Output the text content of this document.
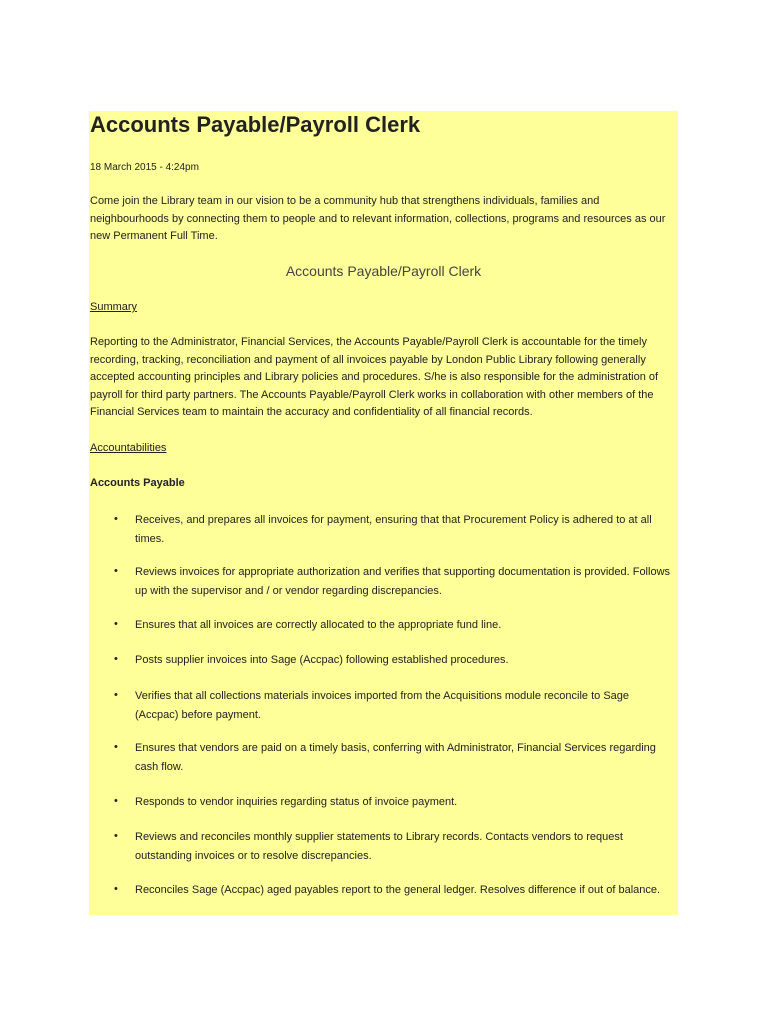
Accounts Payable/Payroll Clerk
18 March 2015 - 4:24pm

Come join the Library team in our vision to be a community hub that strengthens individuals, families and neighbourhoods by connecting them to people and to relevant information, collections, programs and resources as our new Permanent Full Time.

Accounts Payable/Payroll Clerk
Summary

Reporting to the Administrator, Financial Services, the Accounts Payable/Payroll Clerk is accountable for the timely recording, tracking, reconciliation and payment of all invoices payable by London Public Library following generally accepted accounting principles and Library policies and procedures. S/he is also responsible for the administration of payroll for third party partners. The Accounts Payable/Payroll Clerk works in collaboration with other members of the Financial Services team to maintain the accuracy and confidentiality of all financial records.

Accountabilities
Accounts Payable
• Receives, and prepares all invoices for payment, ensuring that that Procurement Policy is adhered to at all times.
• Reviews invoices for appropriate authorization and verifies that supporting documentation is provided. Follows up with the supervisor and / or vendor regarding discrepancies.
• Ensures that all invoices are correctly allocated to the appropriate fund line.
• Posts supplier invoices into Sage (Accpac) following established procedures.
• Verifies that all collections materials invoices imported from the Acquisitions module reconcile to Sage (Accpac) before payment.
• Ensures that vendors are paid on a timely basis, conferring with Administrator, Financial Services regarding cash flow.
• Responds to vendor inquiries regarding status of invoice payment.
• Reviews and reconciles monthly supplier statements to Library records. Contacts vendors to request outstanding invoices or to resolve discrepancies.
• Reconciles Sage (Accpac) aged payables report to the general ledger. Resolves difference if out of balance.
